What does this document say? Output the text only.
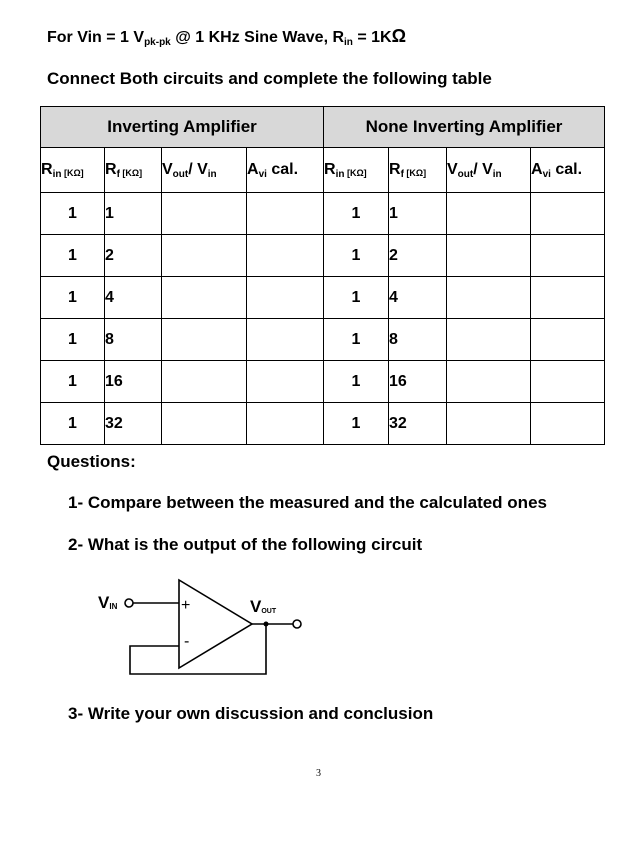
For Vin = 1 $V_{pk-pk}$ @ 1 KHz Sine Wave, $R_{in} = 1K\Omega$
Connect Both circuits and complete the following table
Inverting Amplifier				None Inverting Amplifier			
$R_{in}$ [KΩ]	$R_f$ [KΩ]	$V_{out}/$ $V_{in}$	$A_{vi}$ cal.	$R_{in}$ [KΩ]	$R_f$ [KΩ]	$V_{out}/$ $V_{in}$	$A_{vi}$ cal.
1	1			1	1		
1	2			1	2		
1	4			1	4		
1	8			1	8		
1	16			1	16		
1	32			1	32		
Questions:
1- Compare between the measured and the calculated ones
2- What is the output of the following circuit
VIN	+
-
VOUT
3- Write your own discussion and conclusion
3
